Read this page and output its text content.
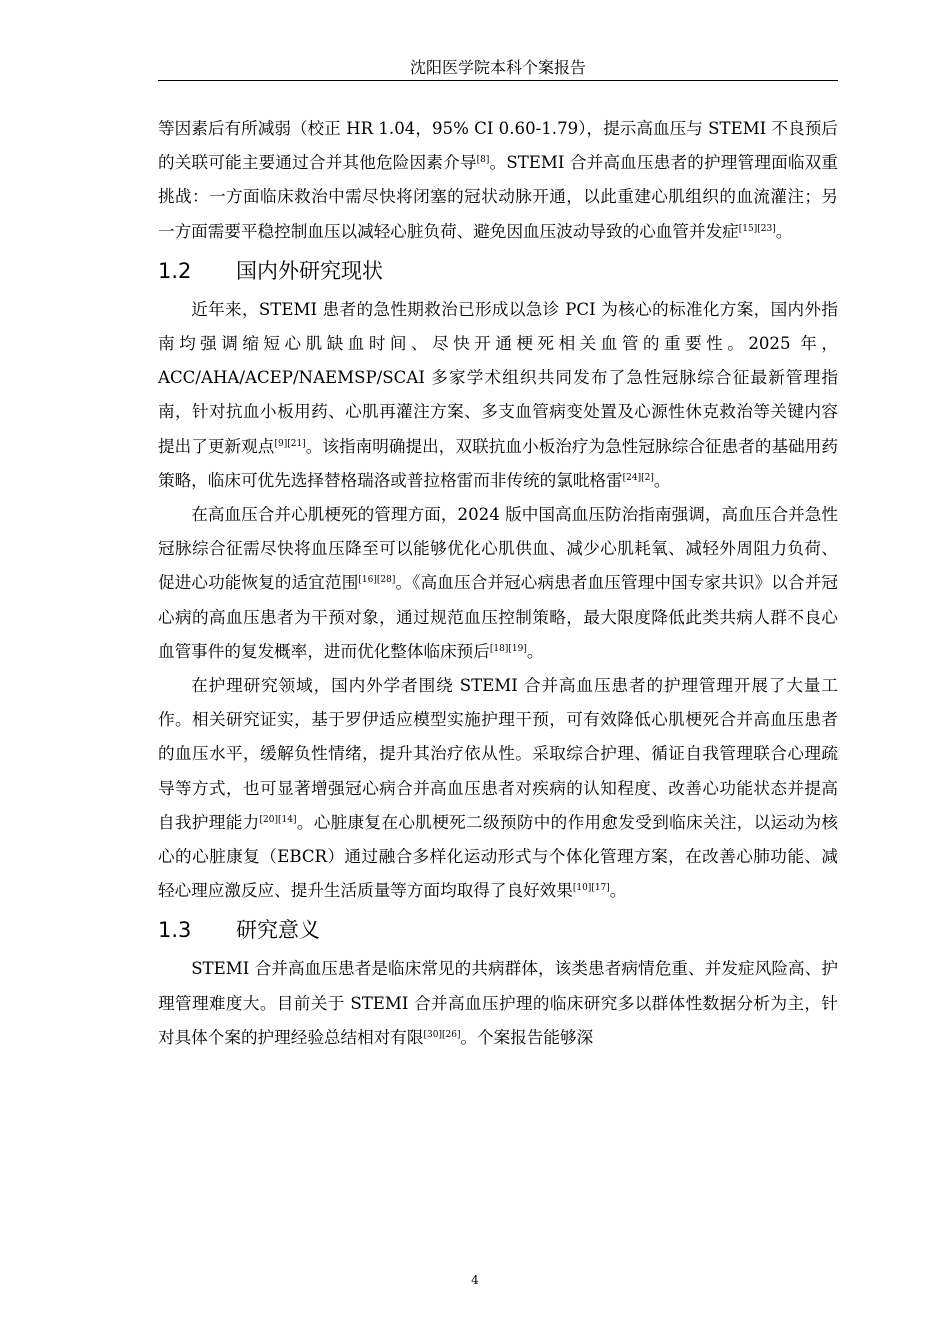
沈阳医学院本科个案报告

等因素后有所减弱（校正 HR 1.04，95% CI 0.60-1.79），提示高血压与 STEMI 不良预后的关联可能主要通过合并其他危险因素介导[8]。STEMI 合并高血压患者的护理管理面临双重挑战：一方面临床救治中需尽快将闭塞的冠状动脉开通，以此重建心肌组织的血流灌注；另一方面需要平稳控制血压以减轻心脏负荷、避免因血压波动导致的心血管并发症[15][23]。

1.2 国内外研究现状

近年来，STEMI 患者的急性期救治已形成以急诊 PCI 为核心的标准化方案，国内外指南均强调缩短心肌缺血时间、尽快开通梗死相关血管的重要性。2025 年，ACC/AHA/ACEP/NAEMSP/SCAI 多家学术组织共同发布了急性冠脉综合征最新管理指南，针对抗血小板用药、心肌再灌注方案、多支血管病变处置及心源性休克救治等关键内容提出了更新观点[9][21]。该指南明确提出，双联抗血小板治疗为急性冠脉综合征患者的基础用药策略，临床可优先选择替格瑞洛或普拉格雷而非传统的氯吡格雷[24][2]。

在高血压合并心肌梗死的管理方面，2024 版中国高血压防治指南强调，高血压合并急性冠脉综合征需尽快将血压降至可以能够优化心肌供血、减少心肌耗氧、减轻外周阻力负荷、促进心功能恢复的适宜范围[16][28]。《高血压合并冠心病患者血压管理中国专家共识》以合并冠心病的高血压患者为干预对象，通过规范血压控制策略，最大限度降低此类共病人群不良心血管事件的复发概率，进而优化整体临床预后[18][19]。

在护理研究领域，国内外学者围绕 STEMI 合并高血压患者的护理管理开展了大量工作。相关研究证实，基于罗伊适应模型实施护理干预，可有效降低心肌梗死合并高血压患者的血压水平，缓解负性情绪，提升其治疗依从性。采取综合护理、循证自我管理联合心理疏导等方式，也可显著增强冠心病合并高血压患者对疾病的认知程度、改善心功能状态并提高自我护理能力[20][14]。心脏康复在心肌梗死二级预防中的作用愈发受到临床关注，以运动为核心的心脏康复（EBCR）通过融合多样化运动形式与个体化管理方案，在改善心肺功能、减轻心理应激反应、提升生活质量等方面均取得了良好效果[10][17]。

1.3 研究意义

STEMI 合并高血压患者是临床常见的共病群体，该类患者病情危重、并发症风险高、护理管理难度大。目前关于 STEMI 合并高血压护理的临床研究多以群体性数据分析为主，针对具体个案的护理经验总结相对有限[30][26]。个案报告能够深

4
